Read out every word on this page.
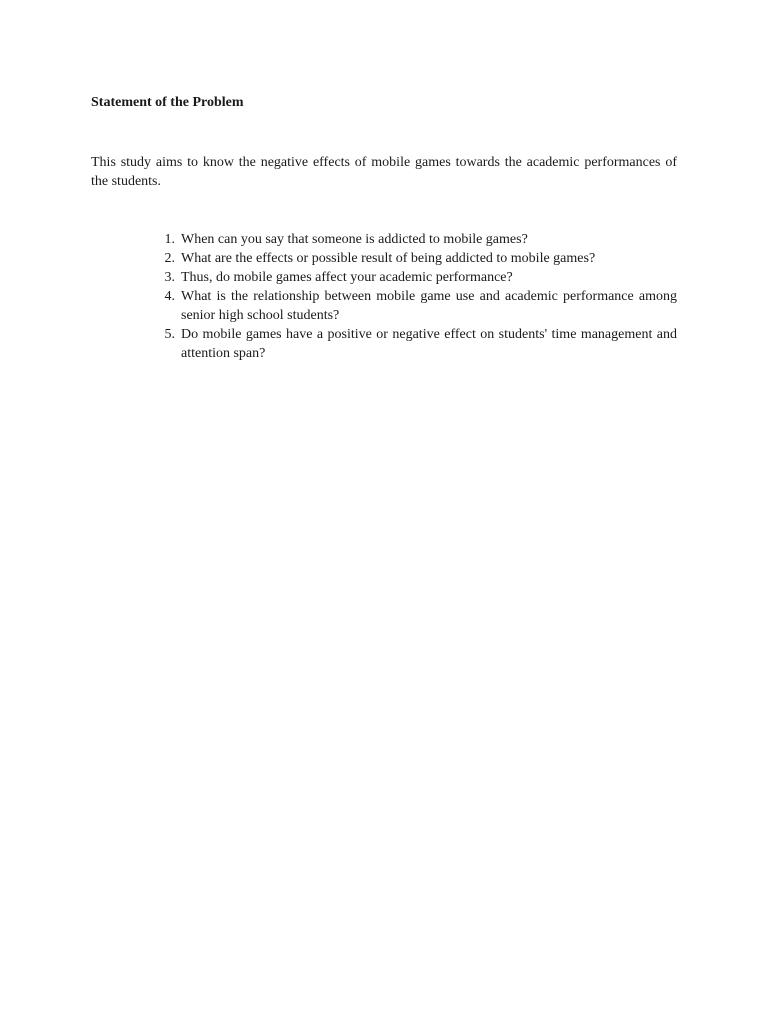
Statement of the Problem

This study aims to know the negative effects of mobile games towards the academic performances of the students.

1. When can you say that someone is addicted to mobile games?
2. What are the effects or possible result of being addicted to mobile games?
3. Thus, do mobile games affect your academic performance?
4. What is the relationship between mobile game use and academic performance among senior high school students?
5. Do mobile games have a positive or negative effect on students' time management and attention span?
